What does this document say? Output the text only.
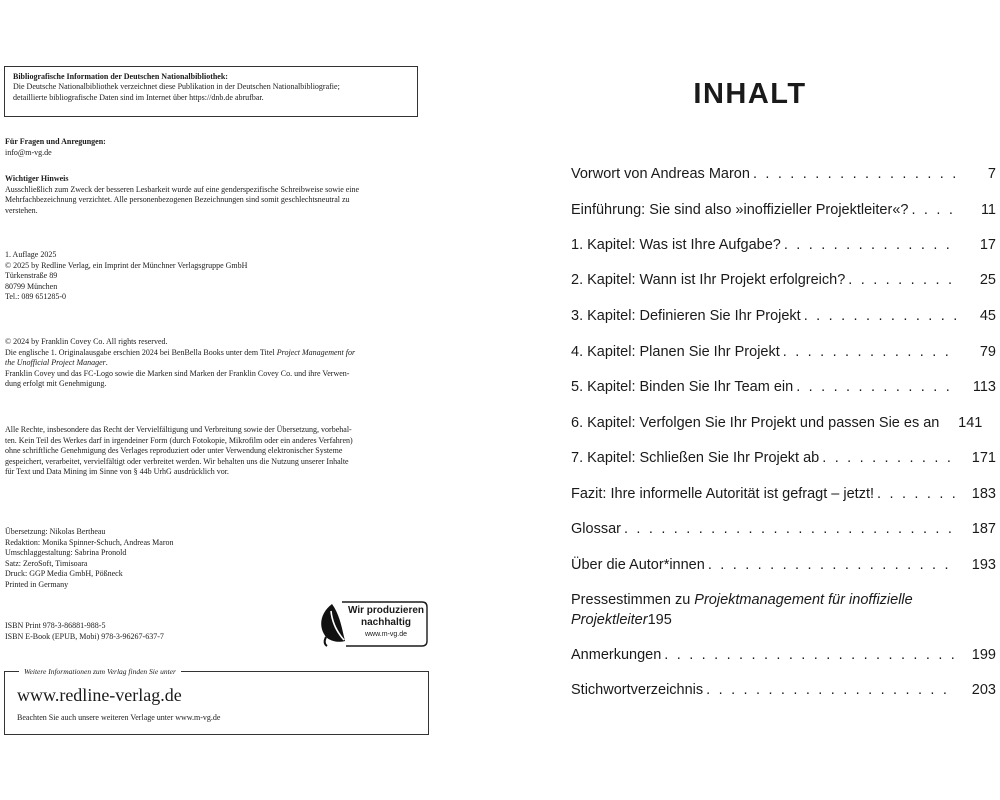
Bibliografische Information der Deutschen Nationalbibliothek:
Die Deutsche Nationalbibliothek verzeichnet diese Publikation in der Deutschen Nationalbibliografie;
detaillierte bibliografische Daten sind im Internet über https://dnb.de abrufbar.

Für Fragen und Anregungen:

info@m-vg.de

Wichtiger Hinweis

Ausschließlich zum Zweck der besseren Lesbarkeit wurde auf eine genderspezifische Schreibweise sowie eine

Mehrfachbezeichnung verzichtet. Alle personenbezogenen Bezeichnungen sind somit geschlechtsneutral zu

verstehen.

1. Auflage 2025

© 2025 by Redline Verlag, ein Imprint der Münchner Verlagsgruppe GmbH

Türkenstraße 89

80799 München

Tel.: 089 651285-0

© 2024 by Franklin Covey Co. All rights reserved.

Die englische 1. Originalausgabe erschien 2024 bei BenBella Books unter dem Titel Project Management for

the Unofficial Project Manager.

Franklin Covey und das FC-Logo sowie die Marken sind Marken der Franklin Covey Co. und ihre Verwen-

dung erfolgt mit Genehmigung.

Alle Rechte, insbesondere das Recht der Vervielfältigung und Verbreitung sowie der Übersetzung, vorbehal-

ten. Kein Teil des Werkes darf in irgendeiner Form (durch Fotokopie, Mikrofilm oder ein anderes Verfahren)

ohne schriftliche Genehmigung des Verlages reproduziert oder unter Verwendung elektronischer Systeme

gespeichert, verarbeitet, vervielfältigt oder verbreitet werden. Wir behalten uns die Nutzung unserer Inhalte

für Text und Data Mining im Sinne von § 44b UrhG ausdrücklich vor.

Übersetzung: Nikolas Bertheau

Redaktion: Monika Spinner-Schuch, Andreas Maron

Umschlaggestaltung: Sabrina Pronold

Satz: ZeroSoft, Timisoara

Druck: GGP Media GmbH, Pößneck

Printed in Germany

ISBN Print 978-3-86881-988-5

ISBN E-Book (EPUB, Mobi) 978-3-96267-637-7

Wir produzieren
nachhaltig
www.m-vg.de
Weitere Informationen zum Verlag finden Sie unter
www.redline-verlag.de
Beachten Sie auch unsere weiteren Verlage unter www.m-vg.de
INHALT
Vorwort von Andreas Maron . . .	7
Einführung: Sie sind also »inoffizieller Projektleiter«? . . .	11
1. Kapitel: Was ist Ihre Aufgabe? . . .	17
2. Kapitel: Wann ist Ihr Projekt erfolgreich? . . .	25
3. Kapitel: Definieren Sie Ihr Projekt . . .	45
4. Kapitel: Planen Sie Ihr Projekt . . .	79
5. Kapitel: Binden Sie Ihr Team ein . . .	113
6. Kapitel: Verfolgen Sie Ihr Projekt und passen Sie es an	141
7. Kapitel: Schließen Sie Ihr Projekt ab . . .	171
Fazit: Ihre informelle Autorität ist gefragt – jetzt! . . .	183
Glossar . . .	187
Über die Autor*innen . . .	193
Pressestimmen zu Projektmanagement für inoffizielle
Projektleiter 195
Anmerkungen . . .	199
Stichwortverzeichnis . . .	203
